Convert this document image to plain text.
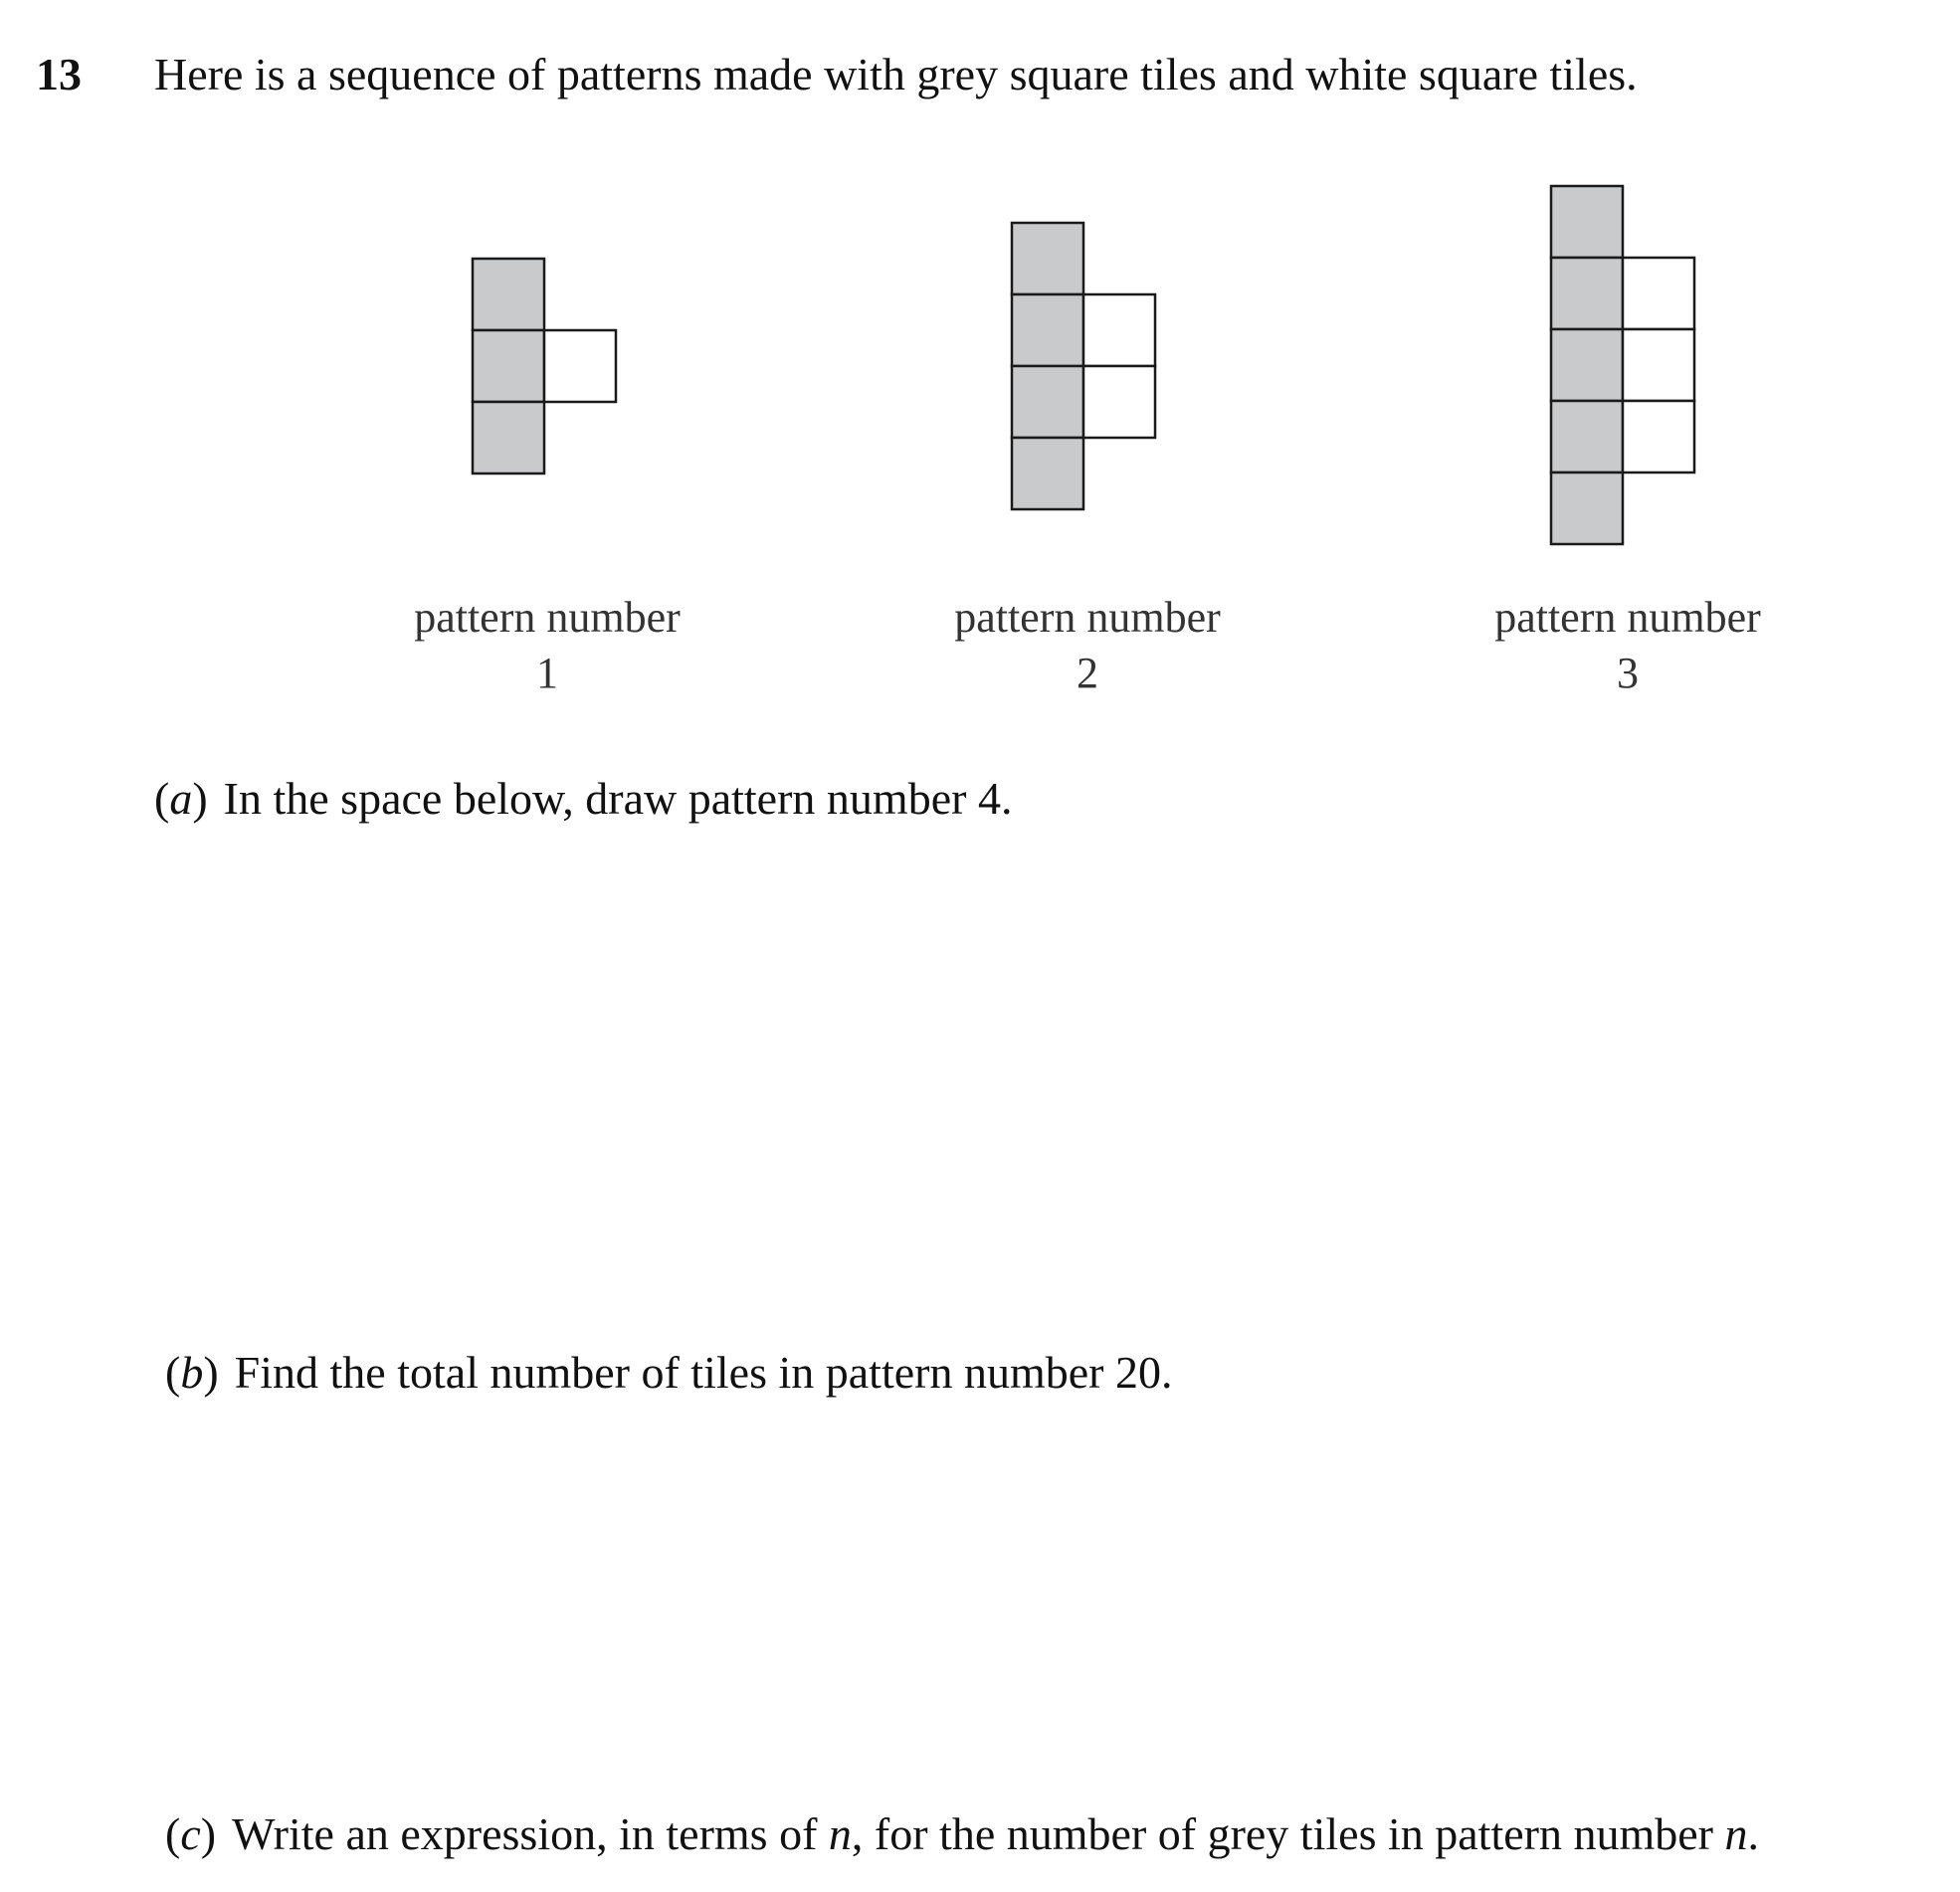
13 Here is a sequence of patterns made with grey square tiles and white square tiles.
pattern number
1
pattern number
2
pattern number
3
(a) In the space below, draw pattern number 4.
(b) Find the total number of tiles in pattern number 20.
(c) Write an expression, in terms of n, for the number of grey tiles in pattern number n.
